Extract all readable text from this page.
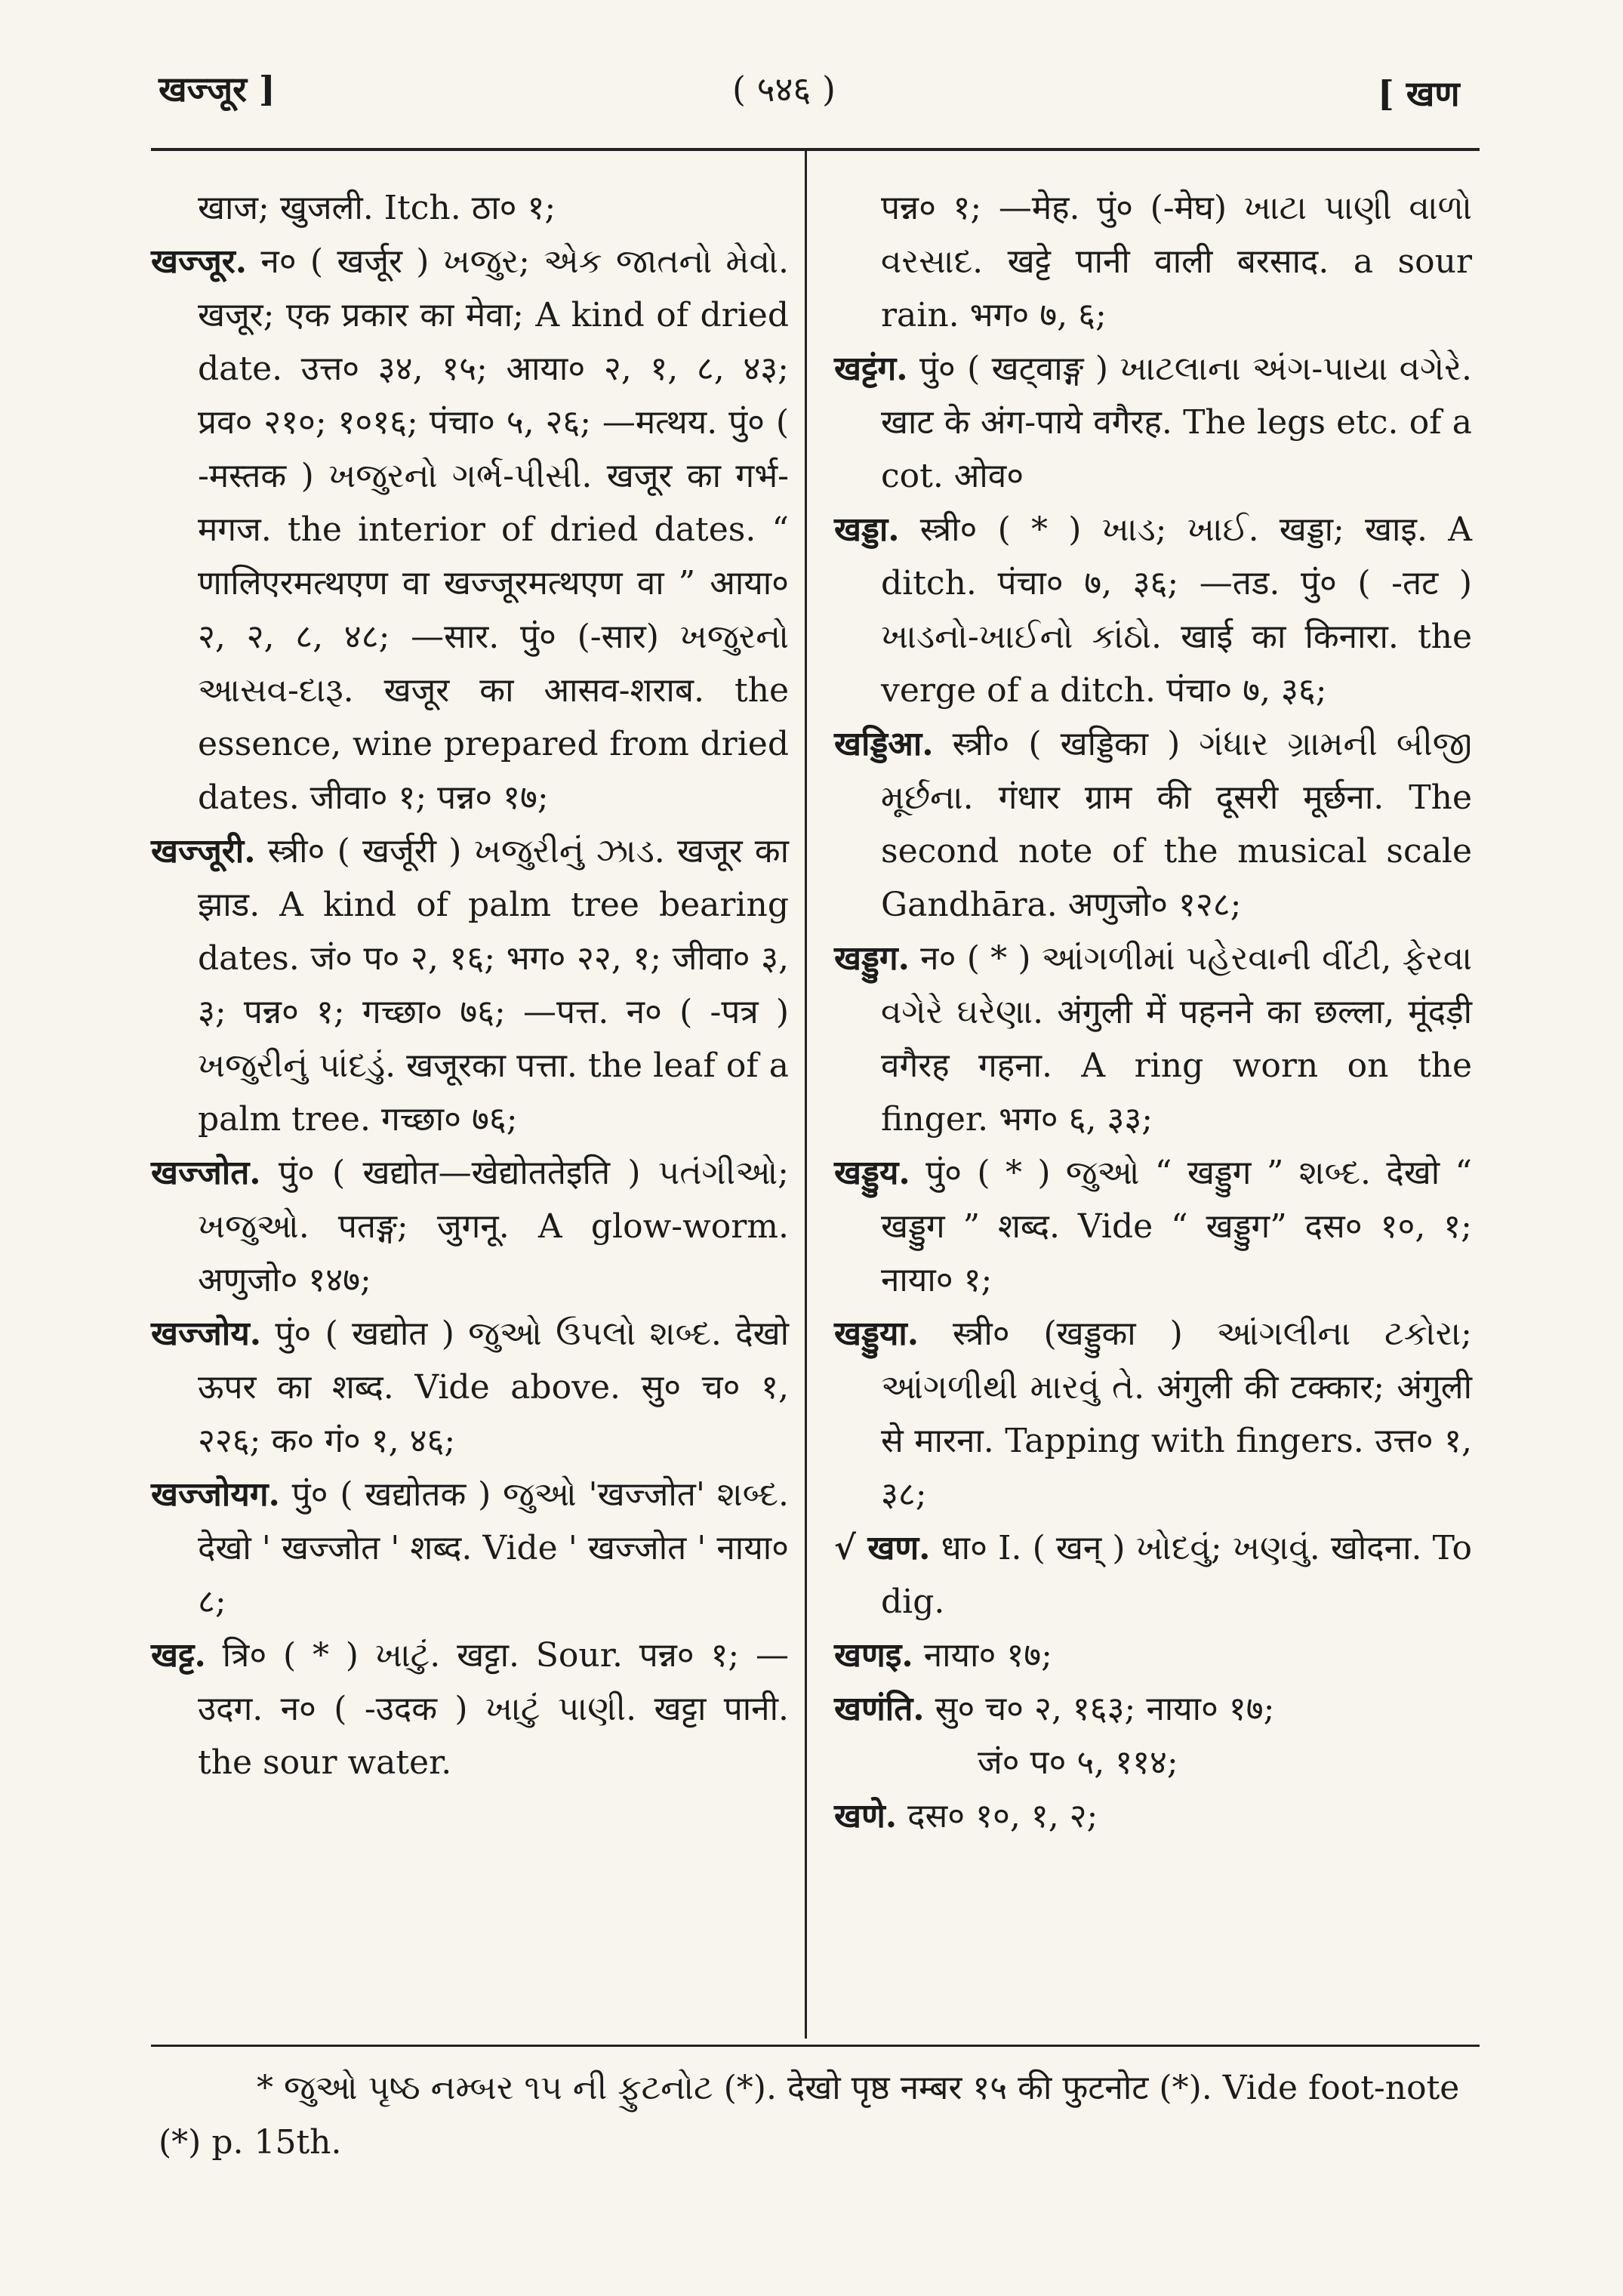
खज्जूर ]	( ५४६ )	[ खण

खाज; खुजली. Itch. ठा० १;

खज्जूर. न० ( खर्जूर ) ખજુર; એક જાતનો મેવો. खजूर; एक प्रकार का मेवा; A kind of dried date. उत्त० ३४, १५; आया० २, १, ८, ४३; प्रव० २१०; १०१६; पंचा० ५, २६; —मत्थय. पुं० ( -मस्तक ) ખજુરનો ગર્ભ-પીસી. खजूर का गर्भ-मगज. the interior of dried dates. “ णालिएरमत्थएण वा खज्जूरमत्थएण वा ” आया० २, २, ८, ४८; —सार. पुं० (-सार) ખજુરનો આસવ-દારૂ. खजूर का आसव-शराब. the essence, wine prepared from dried dates. जीवा० १; पन्न० १७;

खज्जूरी. स्त्री० ( खर्जूरी ) ખજુરીનું ઝાડ. खजूर का झाड. A kind of palm tree bearing dates. जं० प० २, १६; भग० २२, १; जीवा० ३, ३; पन्न० १; गच्छा० ७६; —पत्त. न० ( -पत्र ) ખજુરીનું પાંદડું. खजूरका पत्ता. the leaf of a palm tree. गच्छा० ७६;

खज्जोत. पुं० ( खद्योत—खेद्योततेइति ) પતંગીઓ; ખજુઓ. पतङ्ग; जुगनू. A glow-worm. अणुजो० १४७;

खज्जोय. पुं० ( खद्योत ) જુઓ ઉપલો શબ્દ. देखो ऊपर का शब्द. Vide above. सु० च० १, २२६; क० गं० १, ४६;

खज्जोयग. पुं० ( खद्योतक ) જુઓ 'खज्जोत' શબ્દ. देखो ' खज्जोत ' शब्द. Vide ' खज्जोत ' नाया० ८;

खट्ट. त्रि० ( * ) ખાટું. खट्टा. Sour. पन्न० १; —उदग. न० ( -उदक ) ખાટું પાણી. खट्टा पानी. the sour water.

पन्न० १; —मेह. पुं० (-मेघ) ખાટા પાણી વાળો વરસાદ. खट्टे पानी वाली बरसाद. a sour rain. भग० ७, ६;

खट्टंग. पुं० ( खट्वाङ्ग ) ખાટલાના અંગ-પાયા વગેરે. खाट के अंग-पाये वगैरह. The legs etc. of a cot. ओव०

खड्डा. स्त्री० ( * ) ખાડ; ખાઈ. खड्डा; खाइ. A ditch. पंचा० ७, ३६; —तड. पुं० ( -तट ) ખાડનો-ખાઈનો કાંઠો. खाई का किनारा. the verge of a ditch. पंचा० ७, ३६;

खड्डिआ. स्त्री० ( खड्डिका ) ગંધાર ગ્રામની બીજી મૂર્છના. गंधार ग्राम की दूसरी मूर्छना. The second note of the musical scale Gandhāra. अणुजो० १२८;

खड्डुग. न० ( * ) આંગળીમાં પહેરવાની વીંટી, ફેરવા વગેરે ઘરેણા. अंगुली में पहनने का छल्ला, मूंदड़ी वगैरह गहना. A ring worn on the finger. भग० ६, ३३;

खड्डुय. पुं० ( * ) જુઓ “ खड्डुग ” શબ્દ. देखो “ खड्डुग ” शब्द. Vide “ खड्डुग” दस० १०, १; नाया० १;

खड्डुया. स्त्री० (खड्डुका ) આંગલીના ટકોરા; આંગળીથી મારવું તે. अंगुली की टक्कार; अंगुली से मारना. Tapping with fingers. उत्त० १, ३८;

√ खण. धा० I. ( खन् ) ખોદવું; ખણવું. खोदना. To dig.

खणइ. नाया० १७;

खणंति. सु० च० २, १६३; नाया० १७;

जं० प० ५, ११४;

खणे. दस० १०, १, २;

* જુઓ પૃષ્ઠ નમ્બર ૧૫ ની ફુટનોટ (*). देखो पृष्ठ नम्बर १५ की फुटनोट (*). Vide foot-note (*) p. 15th.
